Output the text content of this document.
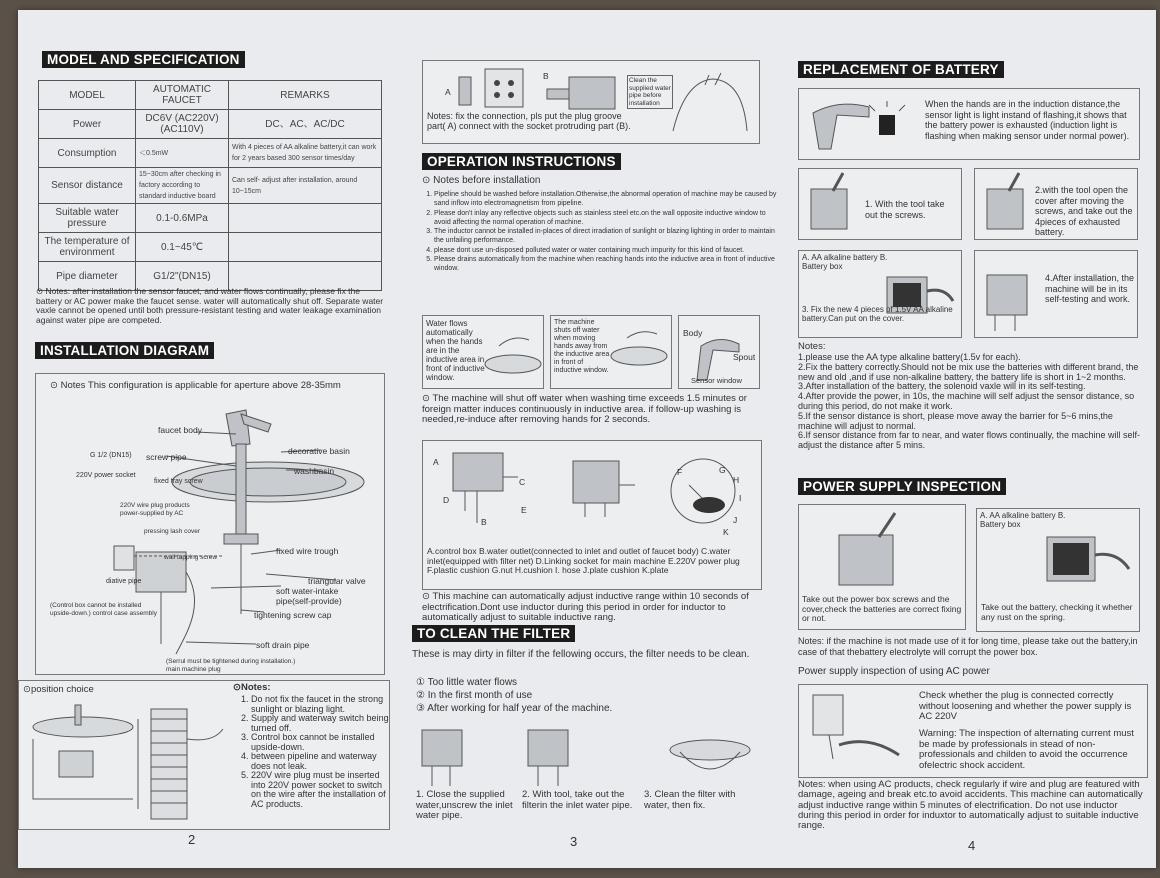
MODEL AND SPECIFICATION
MODEL	AUTOMATIC FAUCET	REMARKS
Power	DC6V (AC220V) (AC110V)	DC、AC、AC/DC
Consumption	＜0.5mW	With 4 pieces of AA alkaline battery,it can work for 2 years based 300 sensor times/day
Sensor distance	15~30cm after checking in factory according to standard inductive board	Can self- adjust after installation, around 10~15cm
Suitable water pressure	0.1-0.6MPa	
The temperature of environment	0.1~45℃	
Pipe diameter	G1/2"(DN15)	
⊙ Notes: after installation the sensor faucet, and water flows continually, please fix the battery or AC power make the faucet sense. water will automatically shut off. Separate water vaxle cannot be opened until both pressure-resistant testing and water leakage examination against water pipe are competed.
INSTALLATION DIAGRAM
⊙ Notes This configuration is applicable for aperture above 28-35mm
faucet body
G 1/2 (DN15) screw pipe
decorative basin
washbasin
220V power socket
fixed tray screw
220V wire plug products power-supplied by AC
pressing lash cover
wall tapping screw
fixed wire trough
triangular valve
diative pipe
soft water-intake pipe(self-provide)
(Control box cannot be installed upside-down.) control case assembly	tightening screw cap
soft drain pipe
(Serrul must be tightened during installation.) main machine plug
⊙position choice	⊙Notes:
1. Do not fix the faucet in the strong sunlight or blazing light.
2. Supply and waterway switch being turned off.
3. Control box cannot be installed upside-down.
4. between pipeline and waterway does not leak.
5. 220V wire plug must be inserted into 220V power socket to switch on the wire after the installation of AC products.
2
A
B	Clean the supplied water pipe before installation
Notes: fix the connection, pls put the plug groove part( A) connect with the socket protruding part (B).
OPERATION INSTRUCTIONS
⊙ Notes before installation
1. Pipeline should be washed before installation.Otherwise,the abnormal operation of machine may be caused by sand inflow into electromagnetism from pipeline.
2. Please don't inlay any reflective objects such as stainless steel etc.on the wall opposite inductive window to avoid affecting the normal operation of machine.
3. The inductor cannot be installed in-places of direct irradiation of sunlight or blazing lighting in order to maintain the unfailing performance.
4. please dont use un-disposed polluted water or water containing much impurity for this kind of faucet.
5. Please drains automatically from the machine when reaching hands into the inductive area in front of inductive window.
Water flows automatically when the hands are in the inductive area in front of inductive window.
The machine shuts off water when moving hands away from the inductive area in front of inductive window.
Body
Spout
Sensor window
⊙ The machine will shut off water when washing time exceeds 1.5 minutes or foreign matter induces continuously in inductive area. if follow-up washing is needed,re-induce after removing hands for 2 seconds.
A
B
C
D
E
F	G
H
I
J
K
A.control box B.water outlet(connected to inlet and outlet of faucet body) C.water inlet(equipped with filter net) D.Linking socket for main machine E.220V power plug F.plastic cushion G.nut H.cushion I. hose J.plate cushion K.plate
⊙ This machine can automatically adjust inductive range within 10 seconds of electrification.Dont use inductor during this period in order for inductor to automatically adjust to suitable inductive rang.
TO CLEAN THE FILTER
These is may dirty in filter if the fellowing occurs, the filter needs to be clean.
① Too little water flows
② In the first month of use
③ After working for half year of the machine.
1. Close the supplied water,unscrew the inlet water pipe.
2. With tool, take out the filterin the inlet water pipe.
3. Clean the filter with water, then fix.
3
REPLACEMENT OF BATTERY
When the hands are in the induction distance,the sensor light is light instand of flashing,it shows that the battery power is exhausted (induction light is flashing when making sensor under normal power).
1. With the tool take out the screws.
2.with the tool open the cover after moving the screws, and take out the 4pieces of exhausted battery.
A. AA alkaline battery B. Battery box
3. Fix the new 4 pieces of 1.5V AA alkaline battery.Can put on the cover.
4.After installation, the machine will be in its self-testing and work.
Notes:
1.please use the AA type alkaline battery(1.5v for each).
2.Fix the battery correctly.Should not be mix use the batteries with different brand, the new and old ,and if use non-alkaline battery, the battery life is short in 1~2 months.
3.After installation of the battery, the solenoid vaxle will in its self-testing.
4.After provide the power, in 10s, the machine will self adjust the sensor distance, so during this period, do not make it work.
5.If the sensor distance is short, please move away the barrier for 5~6 mins,the machine will adjust to normal.
6.If sensor distance from far to near, and water flows continually, the machine will self-adjust the distance after 5 mins.
POWER SUPPLY INSPECTION
Take out the power box screws and the cover,check the batteries are correct fixing or not.
A. AA alkaline battery B. Battery box
Take out the battery, checking it whether any rust on the spring.
Notes: if the machine is not made use of it for long time, please take out the battery,in case of that thebattery electrolyte will corrupt the power box.
Power supply inspection of using AC power
Check whether the plug is connected correctly without loosening and whether the power supply is AC 220V
Warning: The inspection of alternating current must be made by professionals in stead of non-professionals and childen to avoid the occurrence ofelectric shock accident.
Notes: when using AC products, check regularly if wire and plug are featured with damage, ageing and break etc.to avoid accidents. This machine can automatically adjust inductive range within 5 minutes of electrification. Do not use inductor during this period in order for induxtor to automatically adjust to suitable inductive range.
4
